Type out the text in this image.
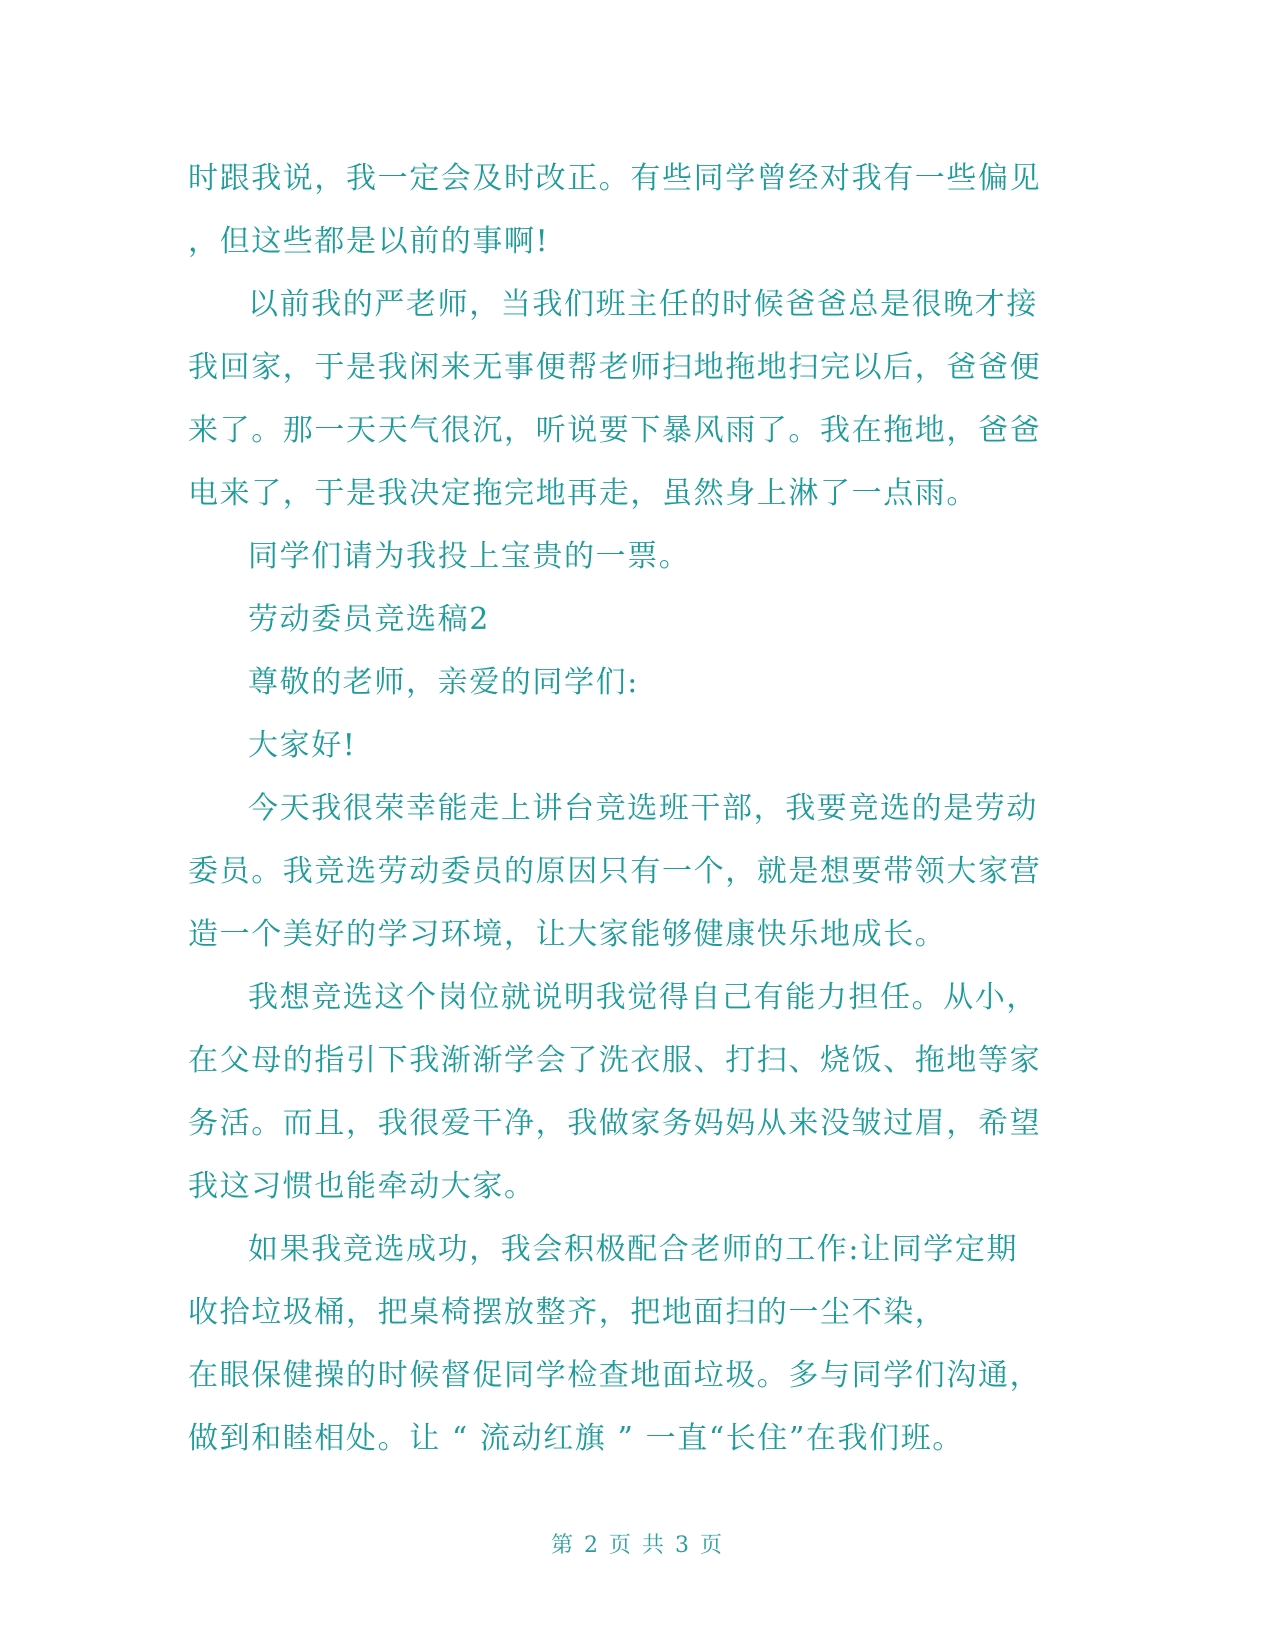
时跟我说，我一定会及时改正。有些同学曾经对我有一些偏见
，但这些都是以前的事啊!
以前我的严老师，当我们班主任的时候爸爸总是很晚才接
我回家，于是我闲来无事便帮老师扫地拖地扫完以后，爸爸便
来了。那一天天气很沉，听说要下暴风雨了。我在拖地，爸爸
电来了，于是我决定拖完地再走，虽然身上淋了一点雨。
同学们请为我投上宝贵的一票。
劳动委员竞选稿2
尊敬的老师，亲爱的同学们:
大家好!
今天我很荣幸能走上讲台竞选班干部，我要竞选的是劳动
委员。我竞选劳动委员的原因只有一个，就是想要带领大家营
造一个美好的学习环境，让大家能够健康快乐地成长。
我想竞选这个岗位就说明我觉得自己有能力担任。从小，
在父母的指引下我渐渐学会了洗衣服、打扫、烧饭、拖地等家
务活。而且，我很爱干净，我做家务妈妈从来没皱过眉，希望
我这习惯也能牵动大家。
如果我竞选成功，我会积极配合老师的工作:让同学定期
收拾垃圾桶，把桌椅摆放整齐，把地面扫的一尘不染，
在眼保健操的时候督促同学检查地面垃圾。多与同学们沟通，
做到和睦相处。让 “ 流动红旗 ” 一直“长住”在我们班。
第 2 页 共 3 页
